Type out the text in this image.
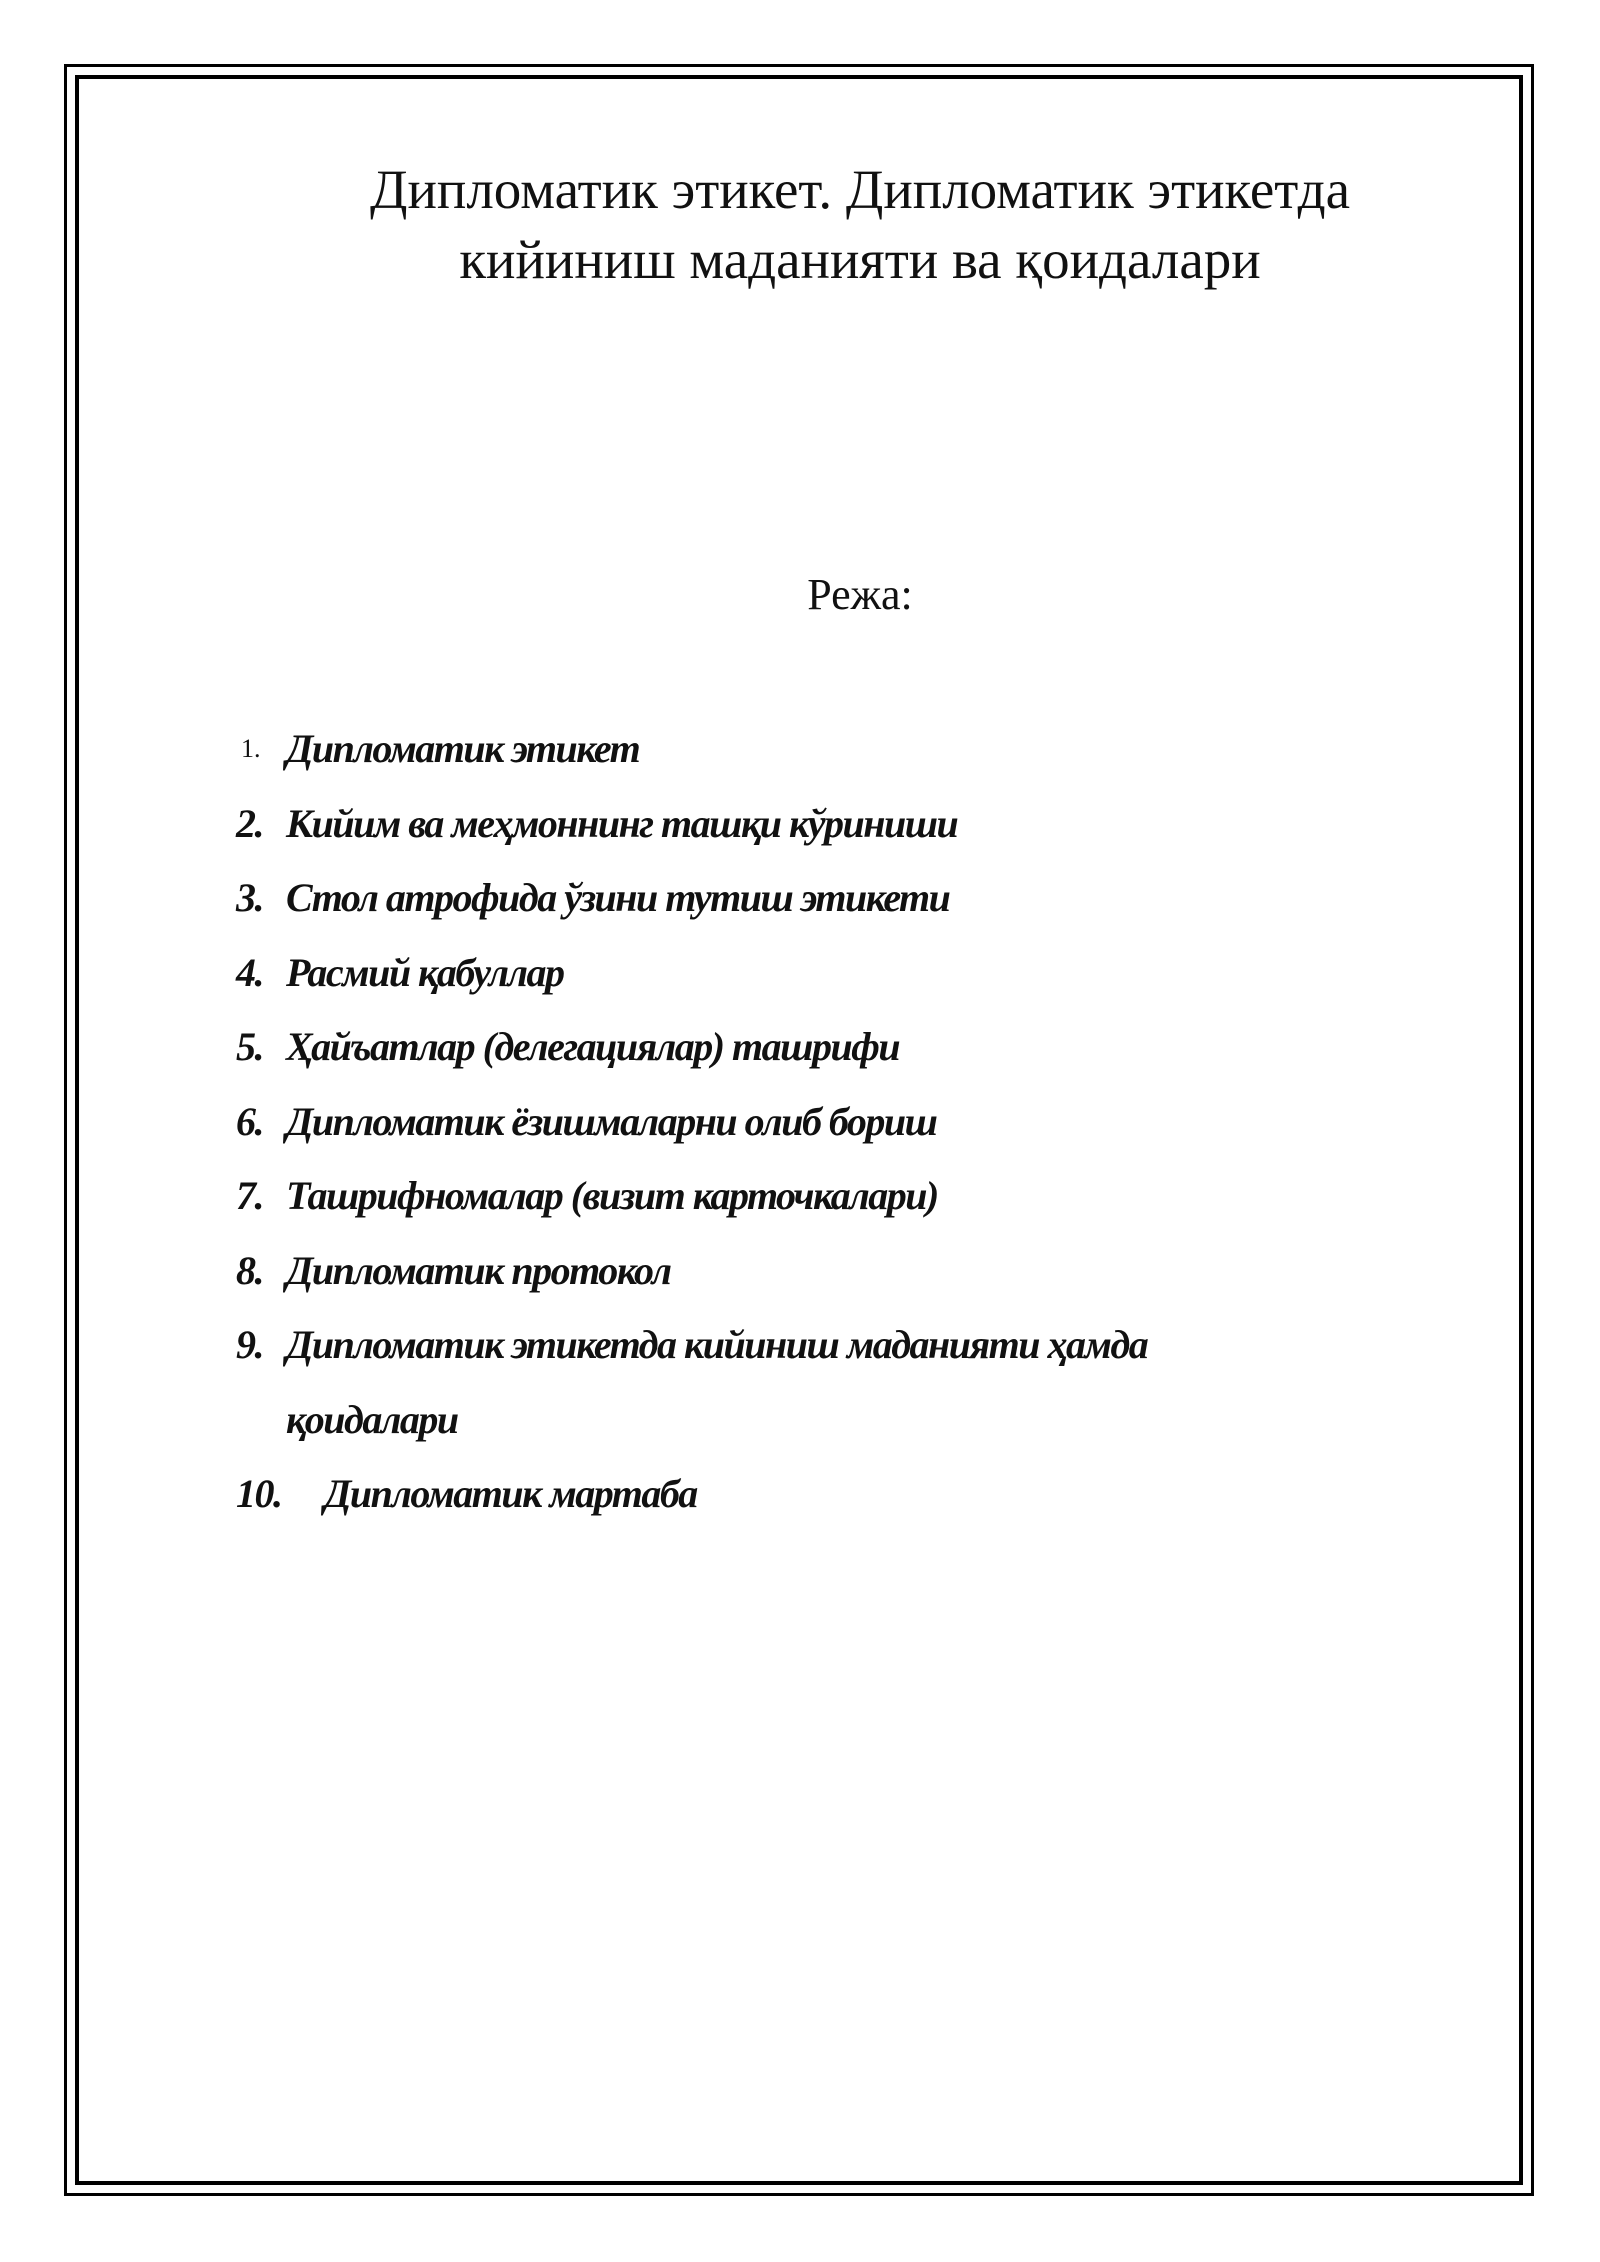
Дипломатик этикет. Дипломатик этикетда
кийиниш маданияти ва қоидалари

Режа:

1. Дипломатик этикет
2. Кийим ва меҳмоннинг ташқи кўриниши
3. Стол атрофида ўзини тутиш этикети
4. Расмий қабуллар
5. Ҳайъатлар (делегациялар) ташрифи
6. Дипломатик ёзишмаларни олиб бориш
7. Ташрифномалар (визит карточкалари)
8. Дипломатик протокол
9. Дипломатик этикетда кийиниш маданияти ҳамда
қоидалари
10.	Дипломатик мартаба
